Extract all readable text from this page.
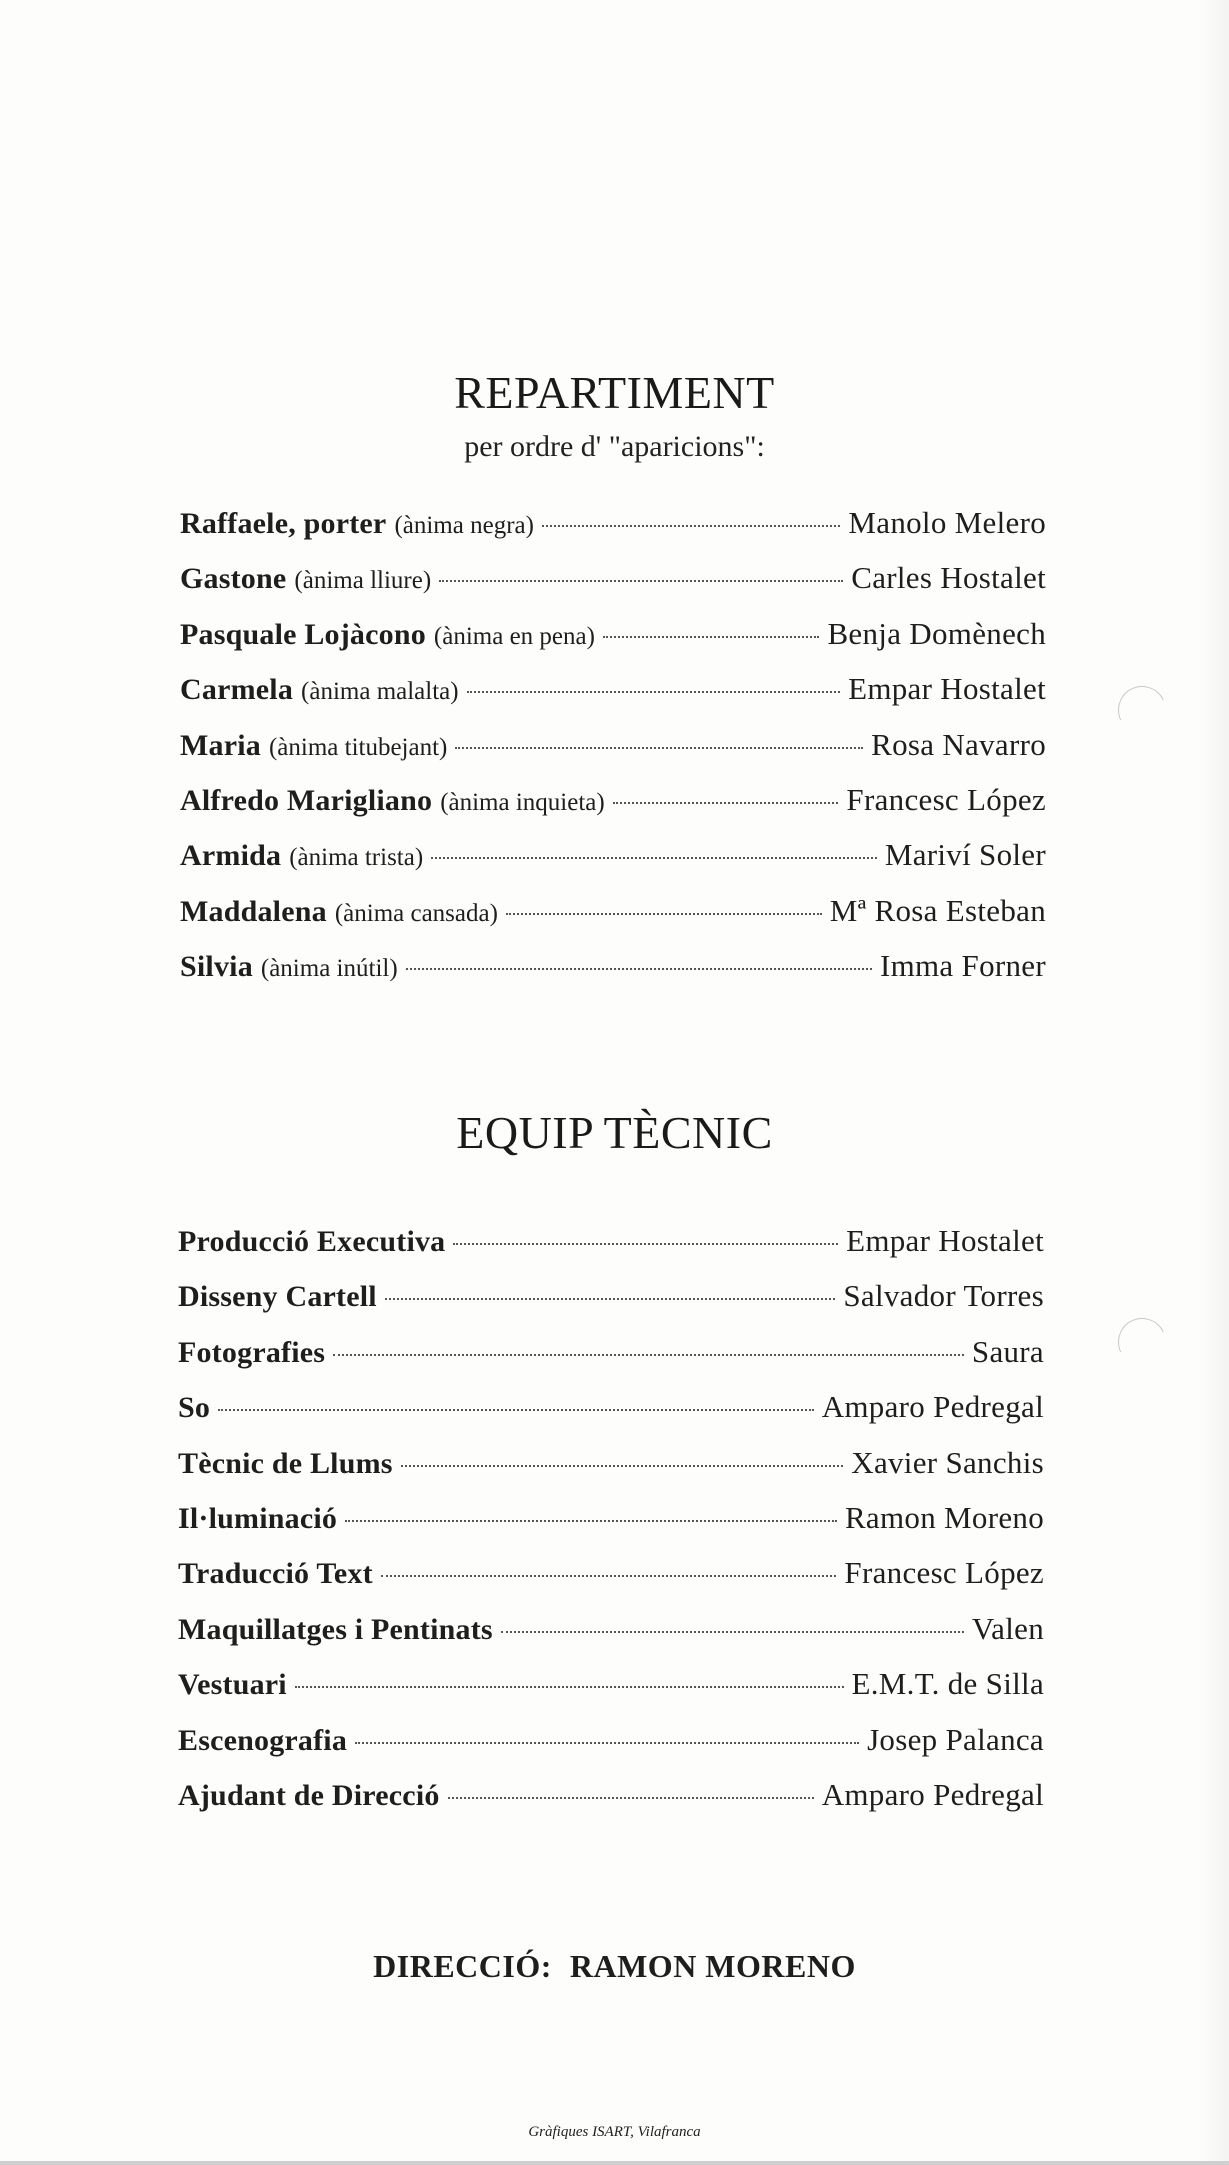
REPARTIMENT
per ordre d' "aparicions":
Raffaele, porter (ànima negra)	Manolo Melero
Gastone (ànima lliure)	Carles Hostalet
Pasquale Lojàcono (ànima en pena)	Benja Domènech
Carmela (ànima malalta)	Empar Hostalet
Maria (ànima titubejant)	Rosa Navarro
Alfredo Marigliano (ànima inquieta)	Francesc López
Armida (ànima trista)	Mariví Soler
Maddalena (ànima cansada)	Mª Rosa Esteban
Silvia (ànima inútil)	Imma Forner
EQUIP TÈCNIC
Producció Executiva	Empar Hostalet
Disseny Cartell	Salvador Torres
Fotografies	Saura
So	Amparo Pedregal
Tècnic de Llums	Xavier Sanchis
Il·luminació	Ramon Moreno
Traducció Text	Francesc López
Maquillatges i Pentinats	Valen
Vestuari	E.M.T. de Silla
Escenografia	Josep Palanca
Ajudant de Direcció	Amparo Pedregal
DIRECCIÓ: RAMON MORENO
Gràfiques ISART, Vilafranca
